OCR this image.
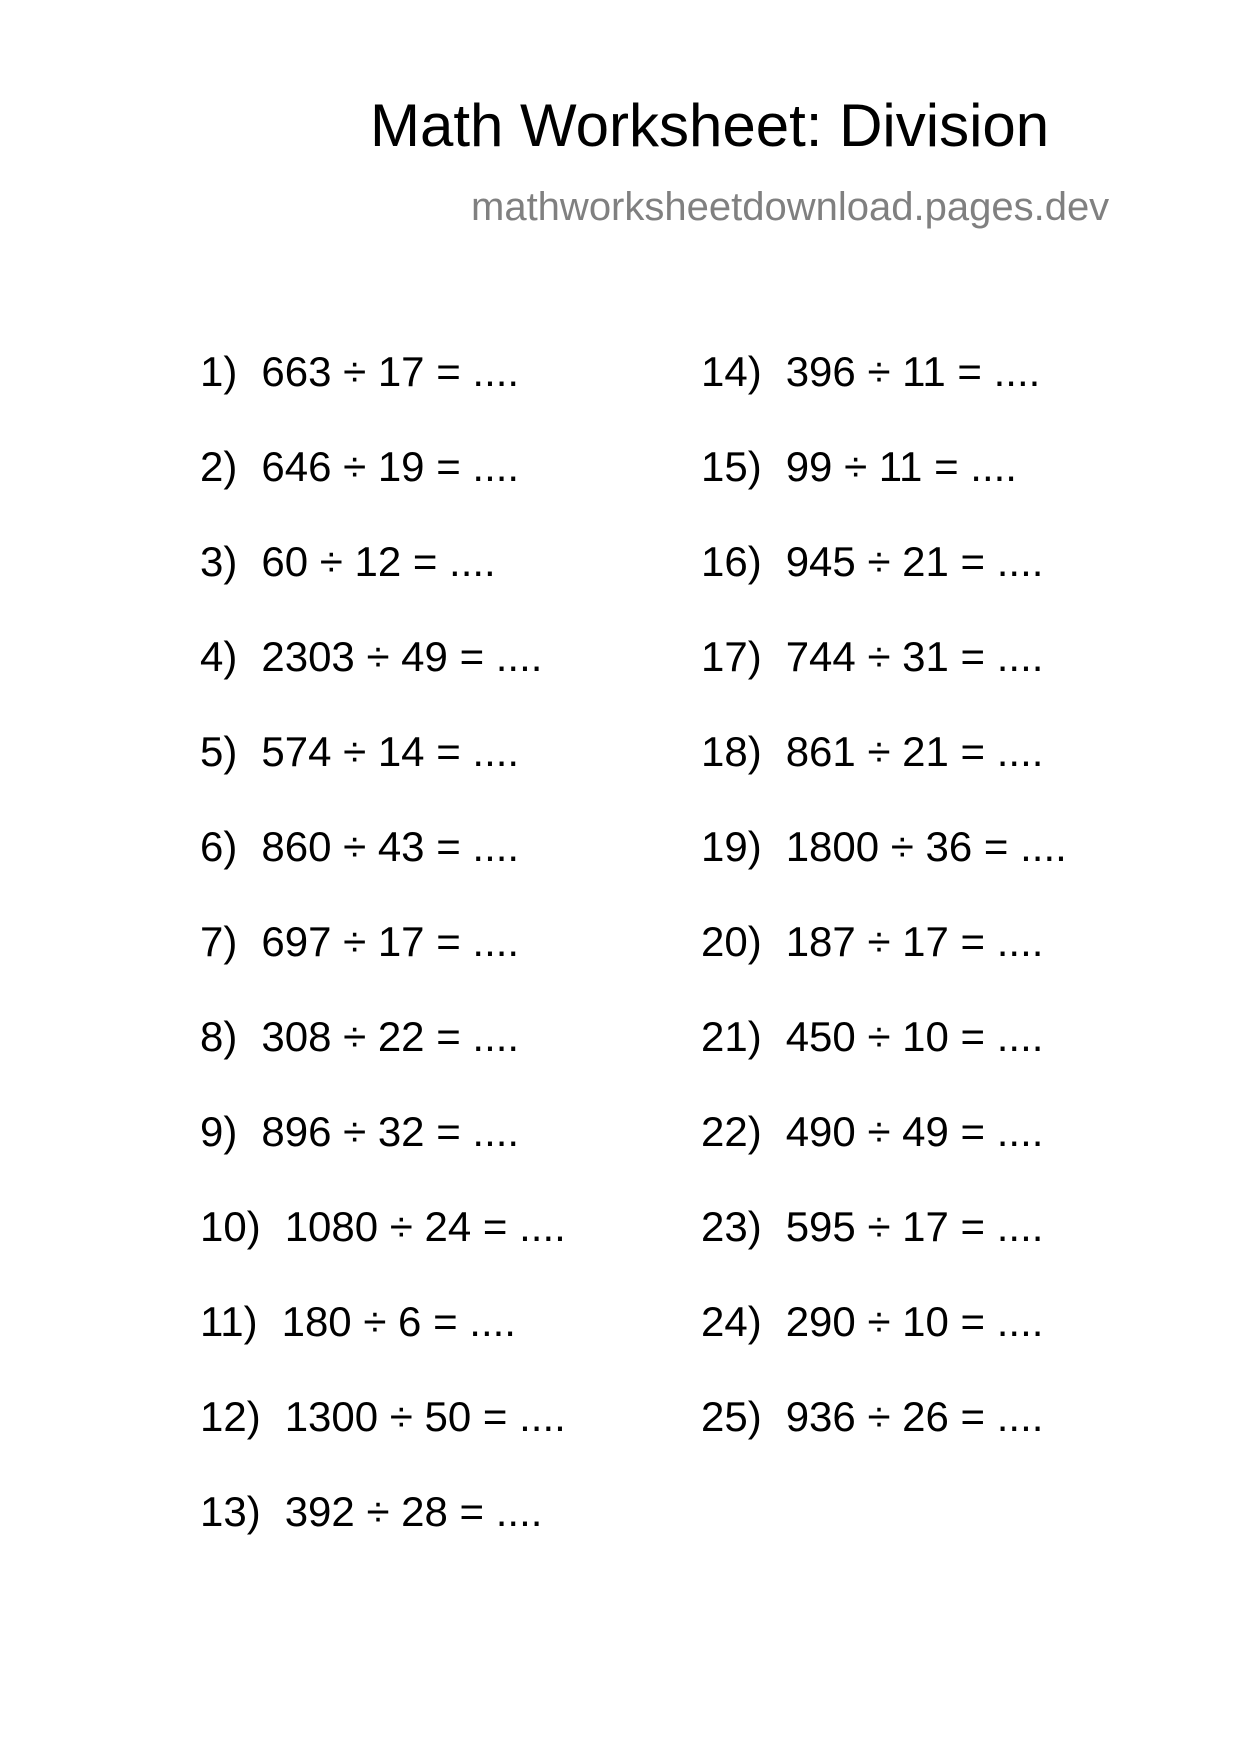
Math Worksheet: Division
mathworksheetdownload.pages.dev
1) 663 ÷ 17 = ....
2) 646 ÷ 19 = ....
3) 60 ÷ 12 = ....
4) 2303 ÷ 49 = ....
5) 574 ÷ 14 = ....
6) 860 ÷ 43 = ....
7) 697 ÷ 17 = ....
8) 308 ÷ 22 = ....
9) 896 ÷ 32 = ....
10) 1080 ÷ 24 = ....
11) 180 ÷ 6 = ....
12) 1300 ÷ 50 = ....
13) 392 ÷ 28 = ....
14) 396 ÷ 11 = ....
15) 99 ÷ 11 = ....
16) 945 ÷ 21 = ....
17) 744 ÷ 31 = ....
18) 861 ÷ 21 = ....
19) 1800 ÷ 36 = ....
20) 187 ÷ 17 = ....
21) 450 ÷ 10 = ....
22) 490 ÷ 49 = ....
23) 595 ÷ 17 = ....
24) 290 ÷ 10 = ....
25) 936 ÷ 26 = ....
